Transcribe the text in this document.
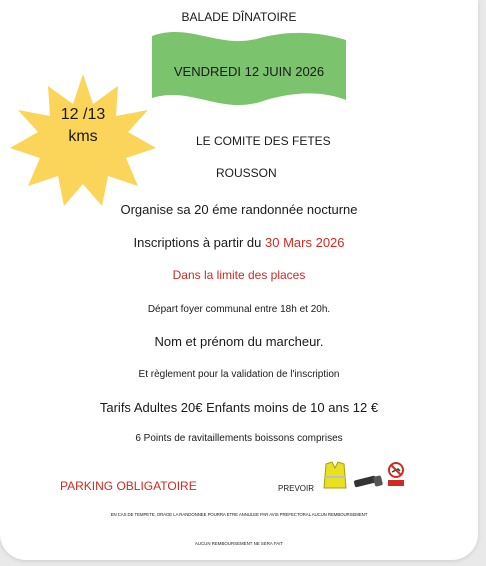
BALADE DÎNATOIRE
VENDREDI 12 JUIN 2026
12 /13
kms	LE COMITE DES FETES
ROUSSON
Organise sa 20 éme randonnée nocturne
Inscriptions à partir du 30 Mars 2026
Dans la limite des places
Départ foyer communal entre 18h et 20h.
Nom et prénom du marcheur.
Et règlement pour la validation de l'inscription
Tarifs Adultes 20€ Enfants moins de 10 ans 12 €
6 Points de ravitaillements boissons comprises
PARKING OBLIGATOIRE	PREVOIR
EN CAS DE TEMPETE, ORAGE LA RANDONNEE POURRA ETRE ANNULEE PAR AVIS PREFECTORAL AUCUN REMBOURSEMENT
AUCUN REMBOURSEMENT NE SERA FAIT
